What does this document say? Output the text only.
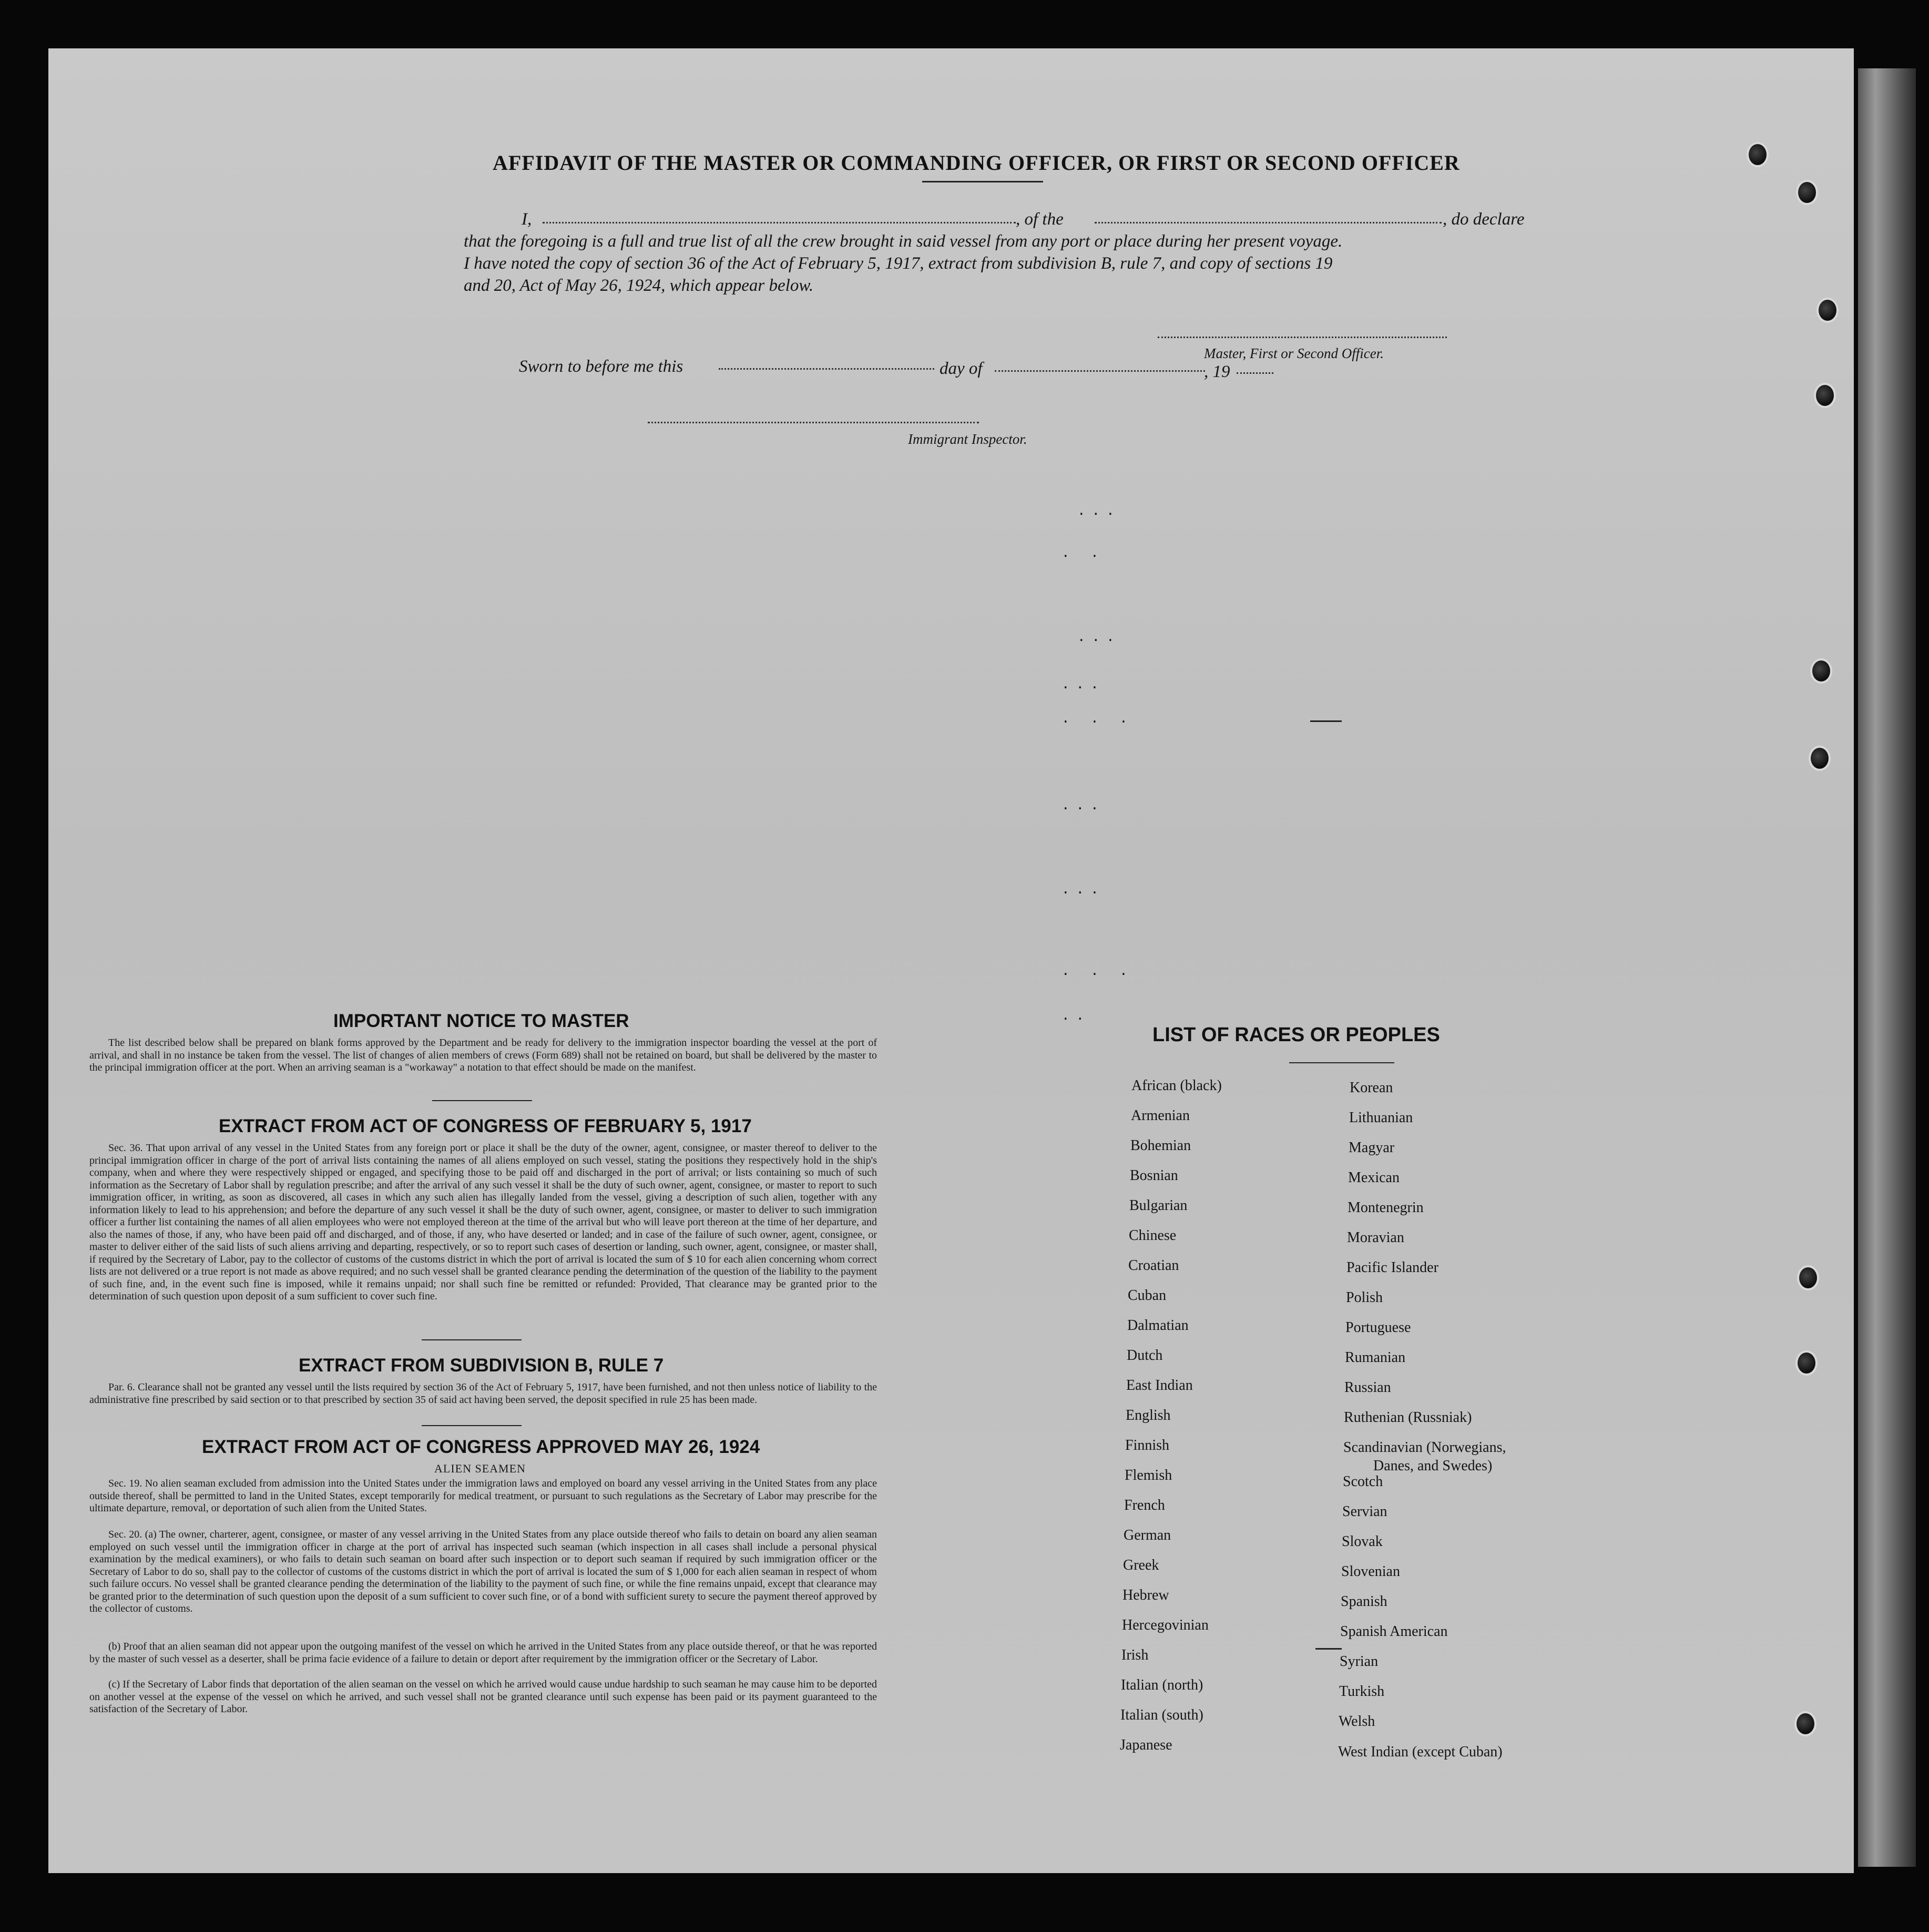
AFFIDAVIT OF THE MASTER OR COMMANDING OFFICER, OR FIRST OR SECOND OFFICER
I,	, of the	, do declare
that the foregoing is a full and true list of all the crew brought in said vessel from any port or place during her present voyage.
I have noted the copy of section 36 of the Act of February 5, 1917, extract from subdivision B, rule 7, and copy of sections 19
and 20, Act of May 26, 1924, which appear below.
Master, First or Second Officer.
Sworn to before me this	day of	, 19
Immigrant Inspector.
...
. .
...
...
. . .
...
...
. . .
..
IMPORTANT NOTICE TO MASTER
The list described below shall be prepared on blank forms approved by the Department and be ready for delivery to the immigration inspector boarding the vessel at the port of arrival, and shall in no instance be taken from the vessel. The list of changes of alien members of crews (Form 689) shall not be retained on board, but shall be delivered by the master to the principal immigration officer at the port. When an arriving seaman is a "workaway" a notation to that effect should be made on the manifest.
EXTRACT FROM ACT OF CONGRESS OF FEBRUARY 5, 1917
Sec. 36. That upon arrival of any vessel in the United States from any foreign port or place it shall be the duty of the owner, agent, consignee, or master thereof to deliver to the principal immigration officer in charge of the port of arrival lists containing the names of all aliens employed on such vessel, stating the positions they respectively hold in the ship's company, when and where they were respectively shipped or engaged, and specifying those to be paid off and discharged in the port of arrival; or lists containing so much of such information as the Secretary of Labor shall by regulation prescribe; and after the arrival of any such vessel it shall be the duty of such owner, agent, consignee, or master to report to such immigration officer, in writing, as soon as discovered, all cases in which any such alien has illegally landed from the vessel, giving a description of such alien, together with any information likely to lead to his apprehension; and before the departure of any such vessel it shall be the duty of such owner, agent, consignee, or master to deliver to such immigration officer a further list containing the names of all alien employees who were not employed thereon at the time of the arrival but who will leave port thereon at the time of her departure, and also the names of those, if any, who have been paid off and discharged, and of those, if any, who have deserted or landed; and in case of the failure of such owner, agent, consignee, or master to deliver either of the said lists of such aliens arriving and departing, respectively, or so to report such cases of desertion or landing, such owner, agent, consignee, or master shall, if required by the Secretary of Labor, pay to the collector of customs of the customs district in which the port of arrival is located the sum of $ 10 for each alien concerning whom correct lists are not delivered or a true report is not made as above required; and no such vessel shall be granted clearance pending the determination of the question of the liability to the payment of such fine, and, in the event such fine is imposed, while it remains unpaid; nor shall such fine be remitted or refunded: Provided, That clearance may be granted prior to the determination of such question upon deposit of a sum sufficient to cover such fine.
EXTRACT FROM SUBDIVISION B, RULE 7
Par. 6. Clearance shall not be granted any vessel until the lists required by section 36 of the Act of February 5, 1917, have been furnished, and not then unless notice of liability to the administrative fine prescribed by said section or to that prescribed by section 35 of said act having been served, the deposit specified in rule 25 has been made.
EXTRACT FROM ACT OF CONGRESS APPROVED MAY 26, 1924
ALIEN SEAMEN
Sec. 19. No alien seaman excluded from admission into the United States under the immigration laws and employed on board any vessel arriving in the United States from any place outside thereof, shall be permitted to land in the United States, except temporarily for medical treatment, or pursuant to such regulations as the Secretary of Labor may prescribe for the ultimate departure, removal, or deportation of such alien from the United States.
Sec. 20. (a) The owner, charterer, agent, consignee, or master of any vessel arriving in the United States from any place outside thereof who fails to detain on board any alien seaman employed on such vessel until the immigration officer in charge at the port of arrival has inspected such seaman (which inspection in all cases shall include a personal physical examination by the medical examiners), or who fails to detain such seaman on board after such inspection or to deport such seaman if required by such immigration officer or the Secretary of Labor to do so, shall pay to the collector of customs of the customs district in which the port of arrival is located the sum of $ 1,000 for each alien seaman in respect of whom such failure occurs. No vessel shall be granted clearance pending the determination of the liability to the payment of such fine, or while the fine remains unpaid, except that clearance may be granted prior to the determination of such question upon the deposit of a sum sufficient to cover such fine, or of a bond with sufficient surety to secure the payment thereof approved by the collector of customs.
(b) Proof that an alien seaman did not appear upon the outgoing manifest of the vessel on which he arrived in the United States from any place outside thereof, or that he was reported by the master of such vessel as a deserter, shall be prima facie evidence of a failure to detain or deport after requirement by the immigration officer or the Secretary of Labor.
(c) If the Secretary of Labor finds that deportation of the alien seaman on the vessel on which he arrived would cause undue hardship to such seaman he may cause him to be deported on another vessel at the expense of the vessel on which he arrived, and such vessel shall not be granted clearance until such expense has been paid or its payment guaranteed to the satisfaction of the Secretary of Labor.
LIST OF RACES OR PEOPLES
African (black)
Armenian
Bohemian
Bosnian
Bulgarian
Chinese
Croatian
Cuban
Dalmatian
Dutch
East Indian
English
Finnish
Flemish
French
German
Greek
Hebrew
Hercegovinian
Irish
Italian (north)
Italian (south)
Japanese
Korean
Lithuanian
Magyar
Mexican
Montenegrin
Moravian
Pacific Islander
Polish
Portuguese
Rumanian
Russian
Ruthenian (Russniak)
Scandinavian (Norwegians,
Danes, and Swedes)
Scotch
Servian
Slovak
Slovenian
Spanish
Spanish American
Syrian
Turkish
Welsh
West Indian (except Cuban)
